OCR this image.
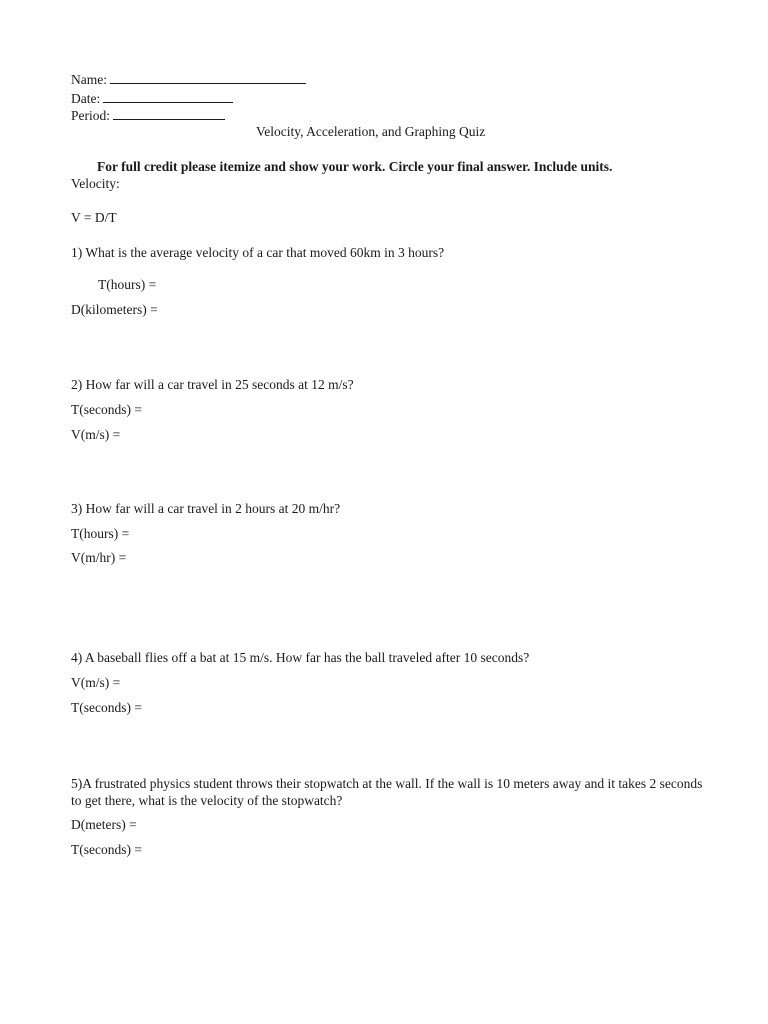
Name:
Date:
Period:
Velocity, Acceleration, and Graphing Quiz
For full credit please itemize and show your work. Circle your final answer. Include units.
Velocity:
V = D/T
1) What is the average velocity of a car that moved 60km in 3 hours?
T(hours) =
D(kilometers) =
2) How far will a car travel in 25 seconds at 12 m/s?
T(seconds) =
V(m/s) =
3) How far will a car travel in 2 hours at 20 m/hr?
T(hours) =
V(m/hr) =
4) A baseball flies off a bat at 15 m/s. How far has the ball traveled after 10 seconds?
V(m/s) =
T(seconds) =
5)A frustrated physics student throws their stopwatch at the wall. If the wall is 10 meters away and it takes 2 seconds to get there, what is the velocity of the stopwatch?
D(meters) =
T(seconds) =
